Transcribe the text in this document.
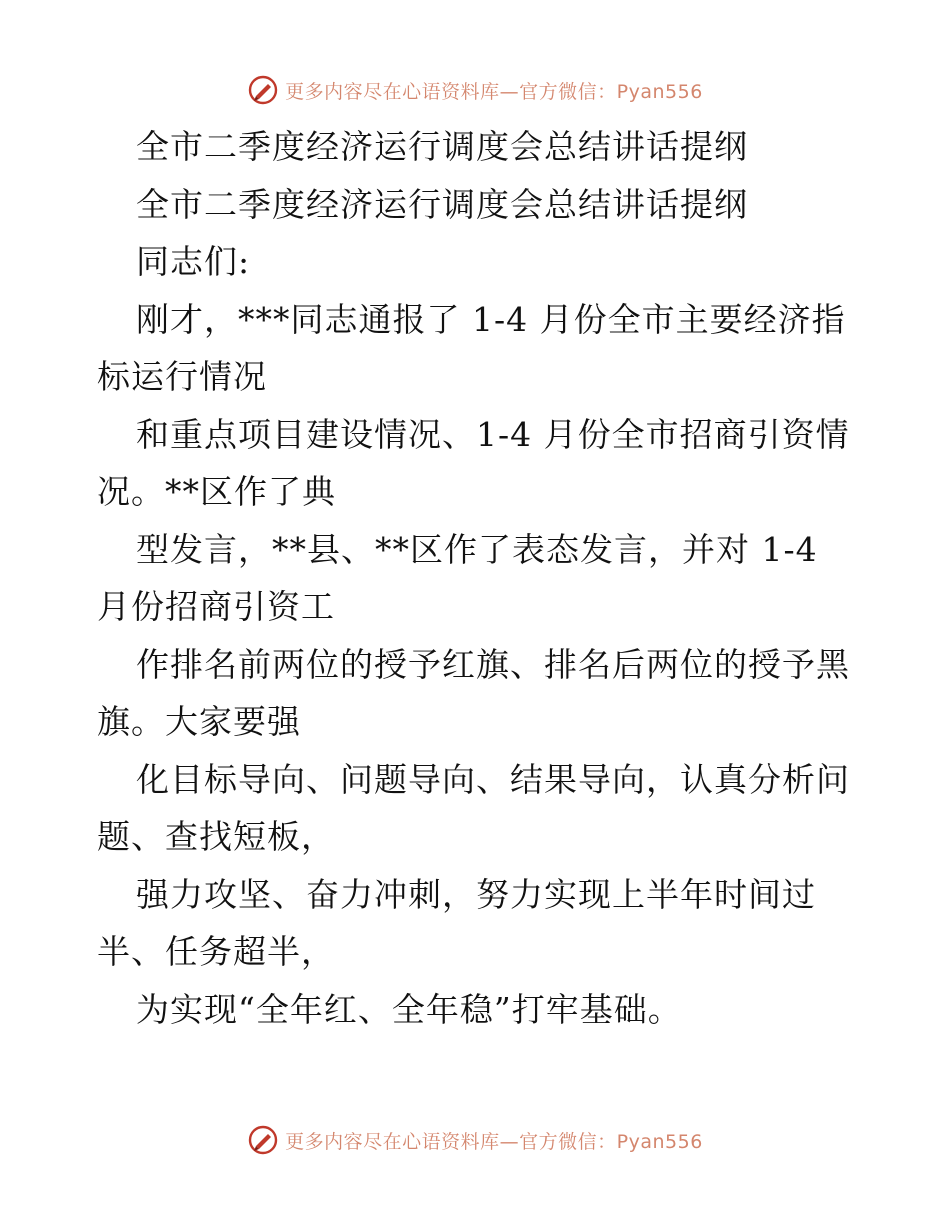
更多内容尽在心语资料库—官方微信：Pyan556
全市二季度经济运行调度会总结讲话提纲
全市二季度经济运行调度会总结讲话提纲
同志们:
刚才，***同志通报了 1-4 月份全市主要经济指
标运行情况
和重点项目建设情况、1-4 月份全市招商引资情
况。**区作了典
型发言，**县、**区作了表态发言，并对 1-4
月份招商引资工
作排名前两位的授予红旗、排名后两位的授予黑
旗。大家要强
化目标导向、问题导向、结果导向，认真分析问
题、查找短板，
强力攻坚、奋力冲刺，努力实现上半年时间过
半、任务超半，
为实现“全年红、全年稳”打牢基础。
更多内容尽在心语资料库—官方微信：Pyan556
